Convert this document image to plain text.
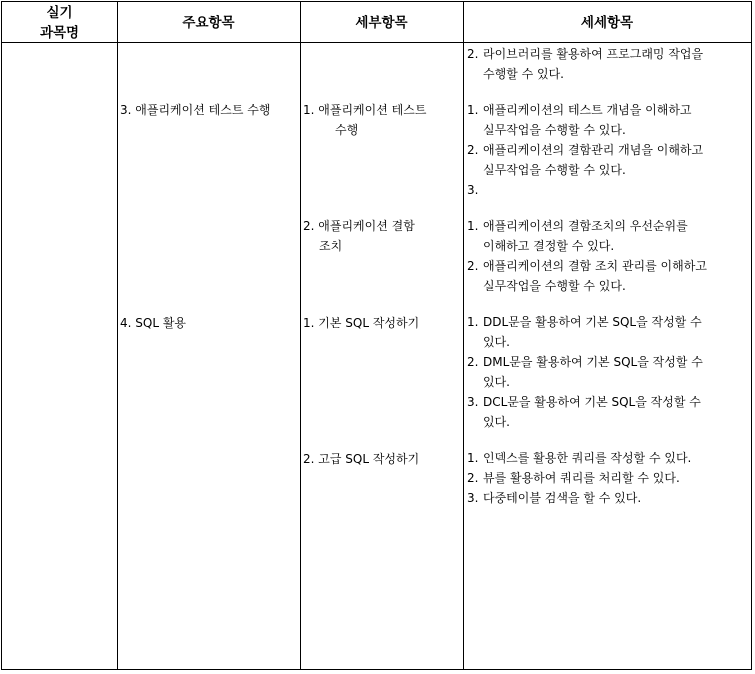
실기
과목명
주요항목	세부항목	세세항목
2. 라이브러리를 활용하여 프로그래밍 작업을
수행할 수 있다.
1. 애플리케이션의 테스트 개념을 이해하고
실무작업을 수행할 수 있다.
2. 애플리케이션의 결함관리 개념을 이해하고
실무작업을 수행할 수 있다.
3.
1. 애플리케이션의 결함조치의 우선순위를
이해하고 결정할 수 있다.
2. 애플리케이션의 결함 조치 관리를 이해하고
실무작업을 수행할 수 있다.
1. DDL문을 활용하여 기본 SQL을 작성할 수
있다.
2. DML문을 활용하여 기본 SQL을 작성할 수
있다.
3. DCL문을 활용하여 기본 SQL을 작성할 수
있다.
1. 인덱스를 활용한 쿼리를 작성할 수 있다.
2. 뷰를 활용하여 쿼리를 처리할 수 있다.
3. 다중테이블 검색을 할 수 있다.
3. 애플리케이션 테스트 수행
4. SQL 활용
1. 애플리케이션 테스트
수행
2. 애플리케이션 결함
조치
1. 기본 SQL 작성하기
2. 고급 SQL 작성하기
